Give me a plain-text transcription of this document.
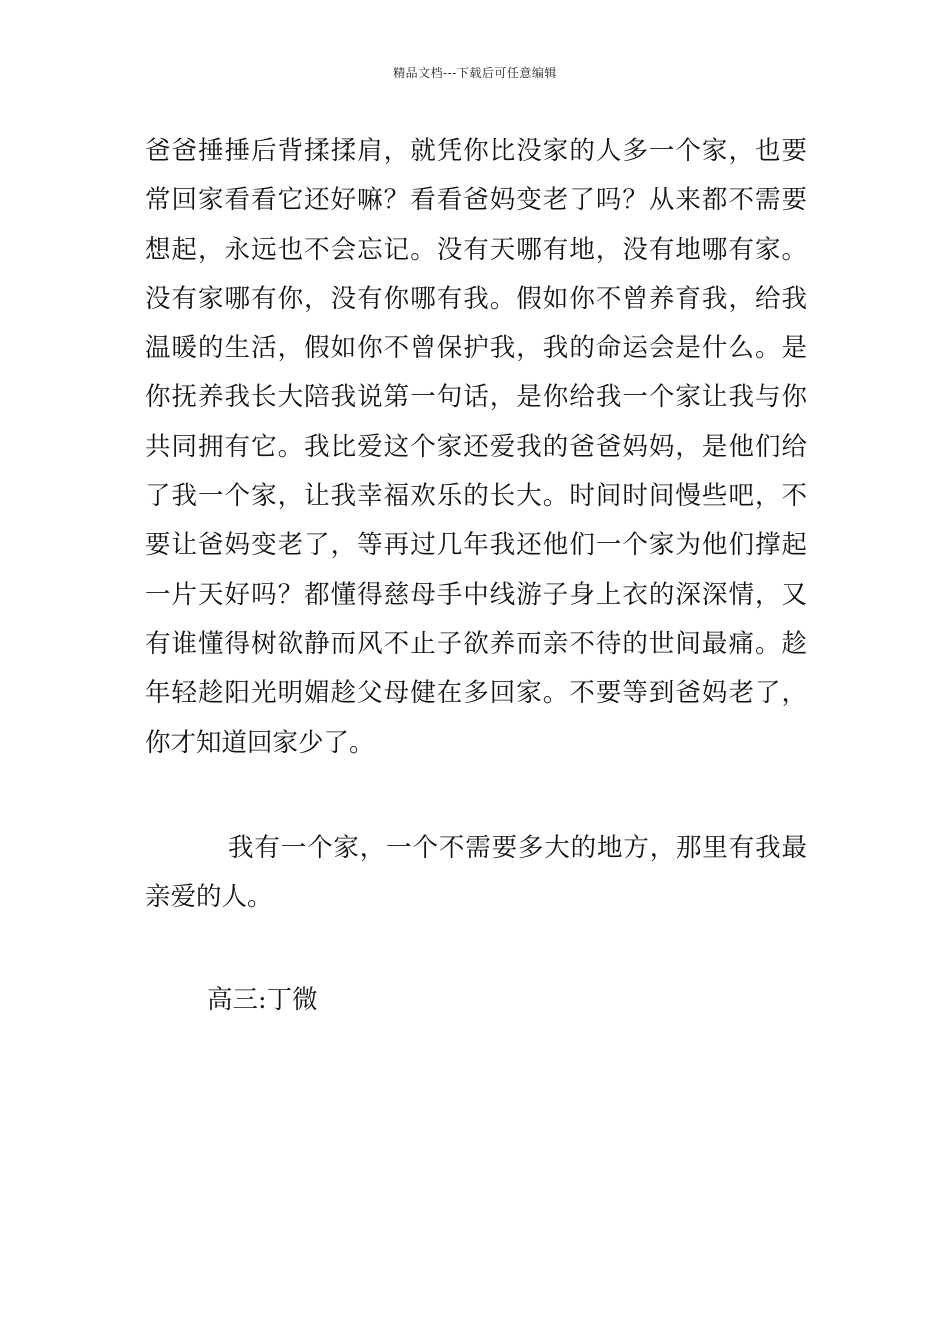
精品文档---下载后可任意编辑

爸爸捶捶后背揉揉肩，就凭你比没家的人多一个家，也要常回家看看它还好嘛？看看爸妈变老了吗？从来都不需要想起，永远也不会忘记。没有天哪有地，没有地哪有家。没有家哪有你，没有你哪有我。假如你不曾养育我，给我温暖的生活，假如你不曾保护我，我的命运会是什么。是你抚养我长大陪我说第一句话，是你给我一个家让我与你共同拥有它。我比爱这个家还爱我的爸爸妈妈，是他们给了我一个家，让我幸福欢乐的长大。时间时间慢些吧，不要让爸妈变老了，等再过几年我还他们一个家为他们撑起一片天好吗？都懂得慈母手中线游子身上衣的深深情，又有谁懂得树欲静而风不止子欲养而亲不待的世间最痛。趁年轻趁阳光明媚趁父母健在多回家。不要等到爸妈老了，你才知道回家少了。

我有一个家，一个不需要多大的地方，那里有我最亲爱的人。

高三:丁微
